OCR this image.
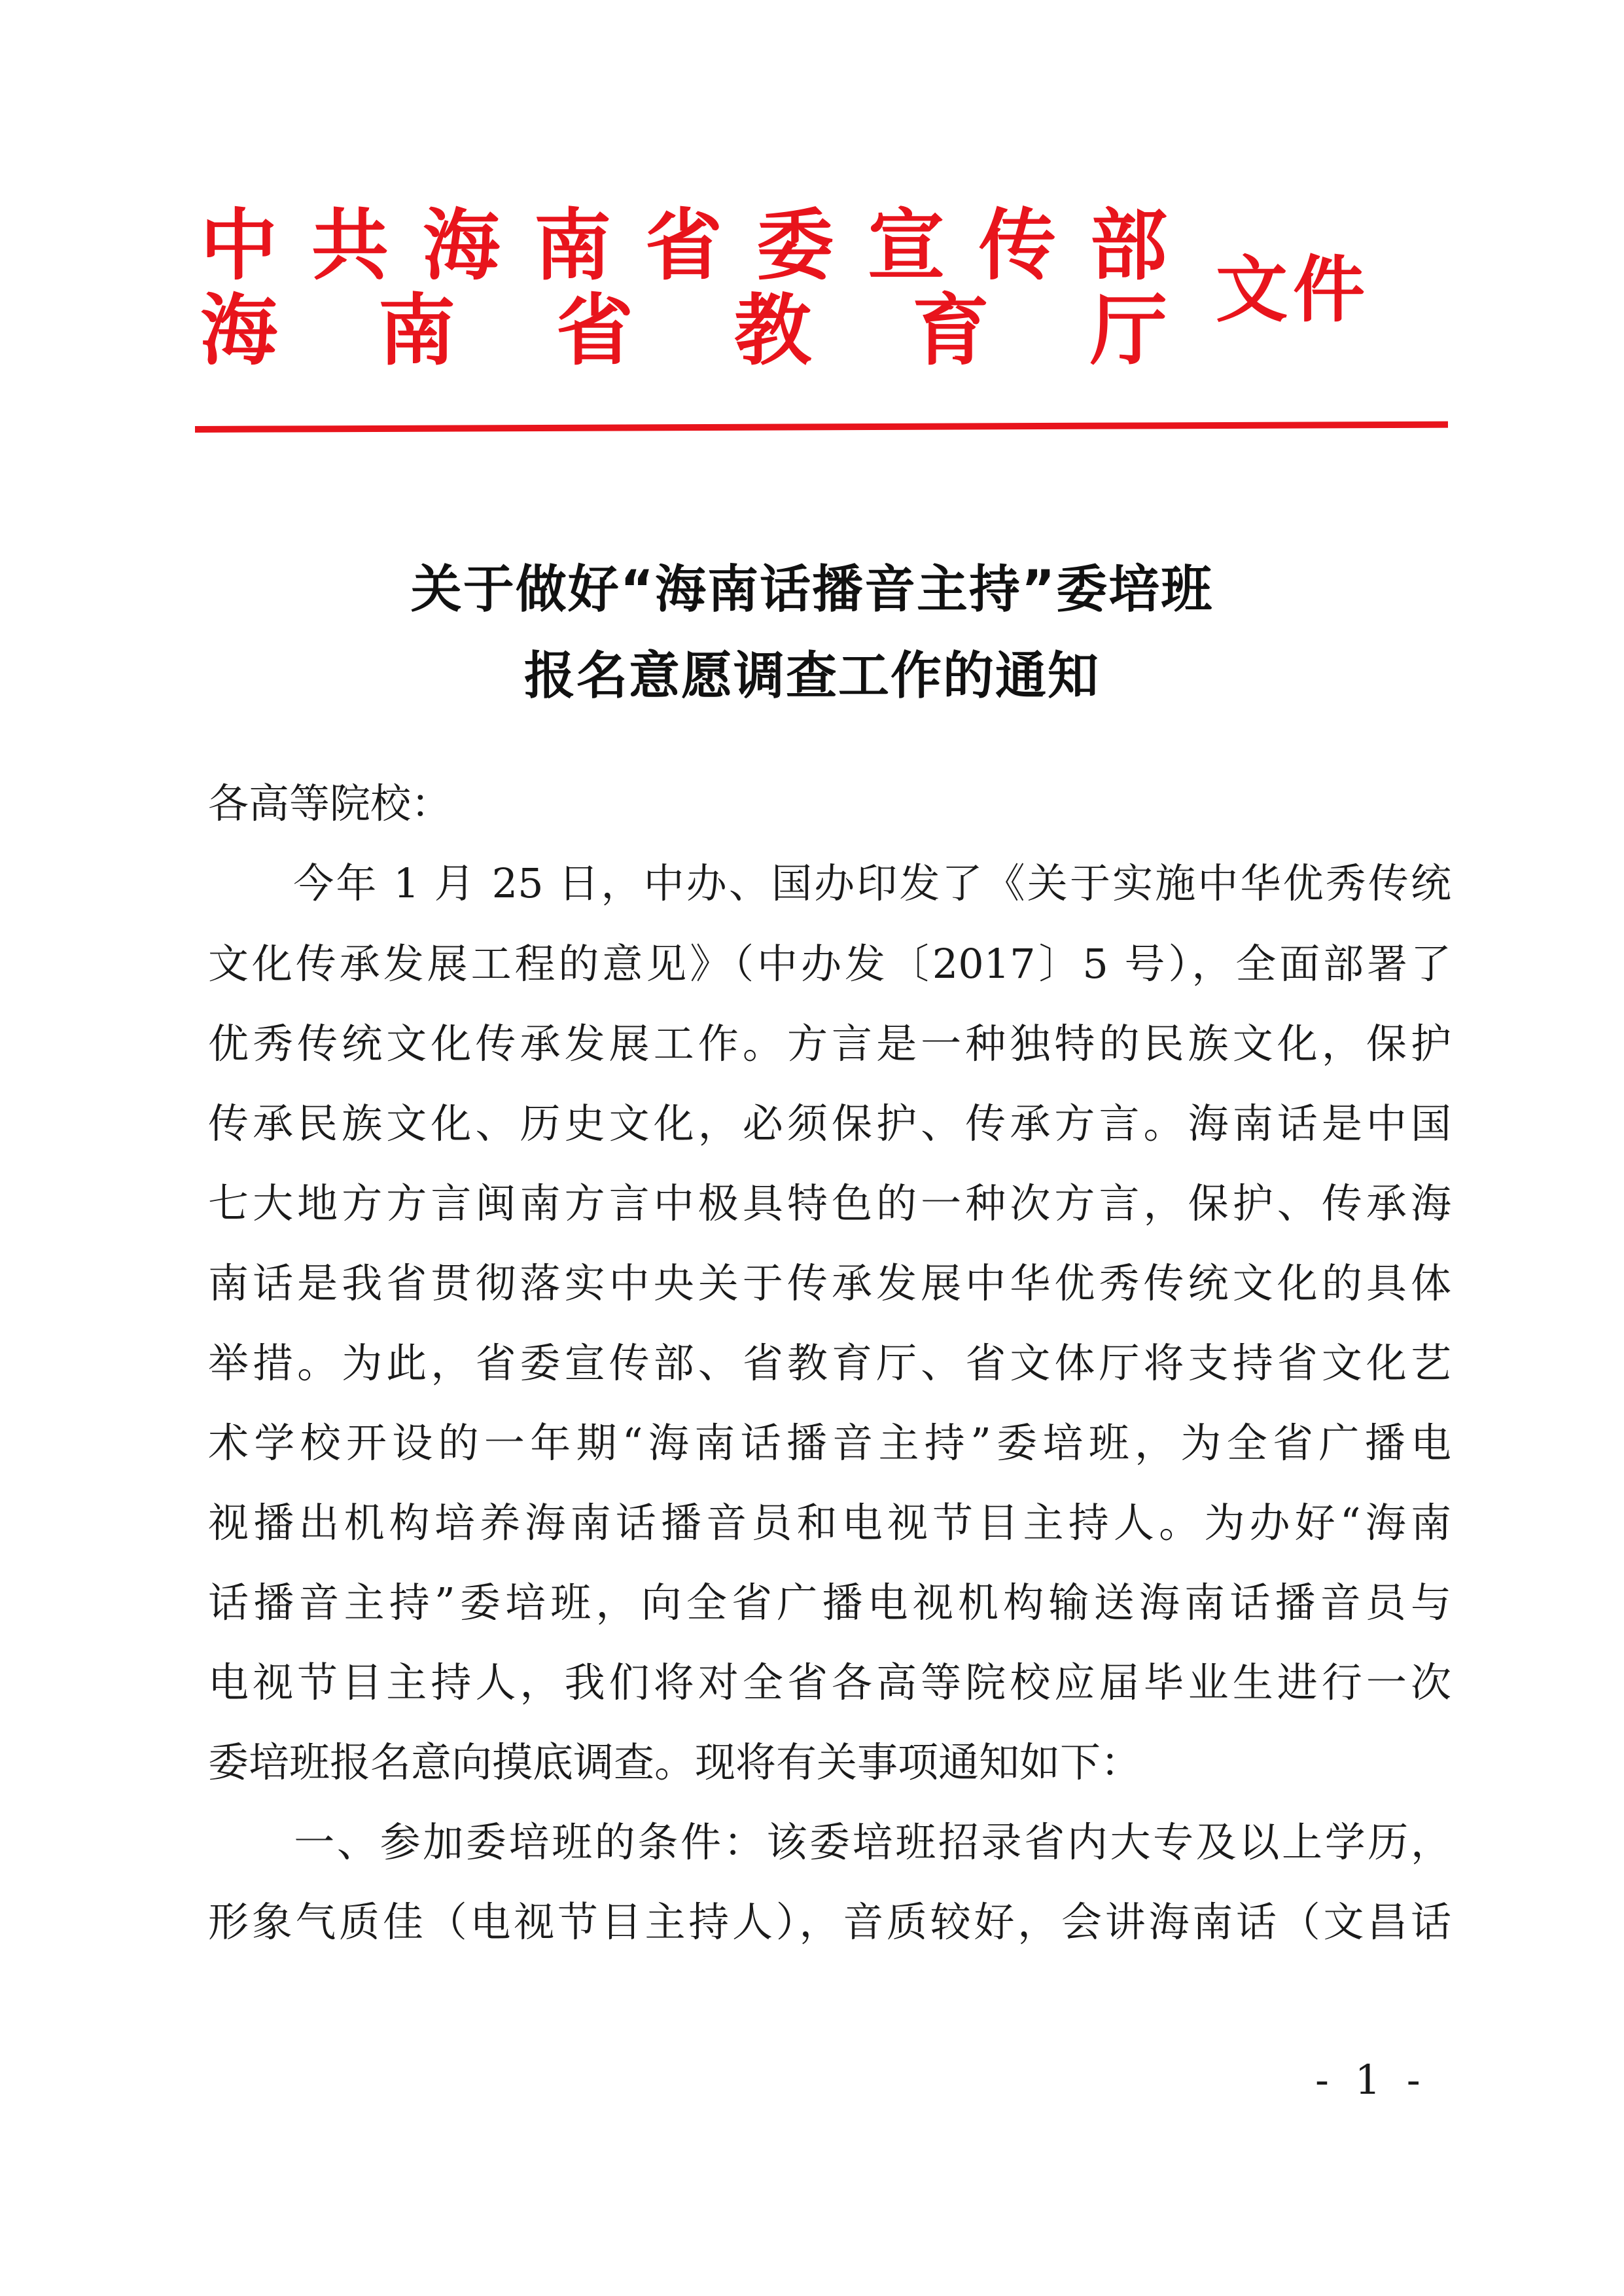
中 共 海 南 省 委 宣 传 部
海 南 省 教 育 厅 文件
关于做好“海南话播音主持”委培班
报名意愿调查工作的通知
各高等院校：
　　今年 1 月 25 日，中办、国办印发了《关于实施中华优秀传统
文化传承发展工程的意见》（中办发〔2017〕5 号），全面部署了
优秀传统文化传承发展工作。方言是一种独特的民族文化，保护
传承民族文化、历史文化，必须保护、传承方言。海南话是中国
七大地方方言闽南方言中极具特色的一种次方言，保护、传承海
南话是我省贯彻落实中央关于传承发展中华优秀传统文化的具体
举措。为此，省委宣传部、省教育厅、省文体厅将支持省文化艺
术学校开设的一年期“海南话播音主持”委培班，为全省广播电
视播出机构培养海南话播音员和电视节目主持人。为办好“海南
话播音主持”委培班，向全省广播电视机构输送海南话播音员与
电视节目主持人，我们将对全省各高等院校应届毕业生进行一次
委培班报名意向摸底调查。现将有关事项通知如下：
　　一、参加委培班的条件：该委培班招录省内大专及以上学历，
形象气质佳（电视节目主持人），音质较好，会讲海南话（文昌话
- 1 -
